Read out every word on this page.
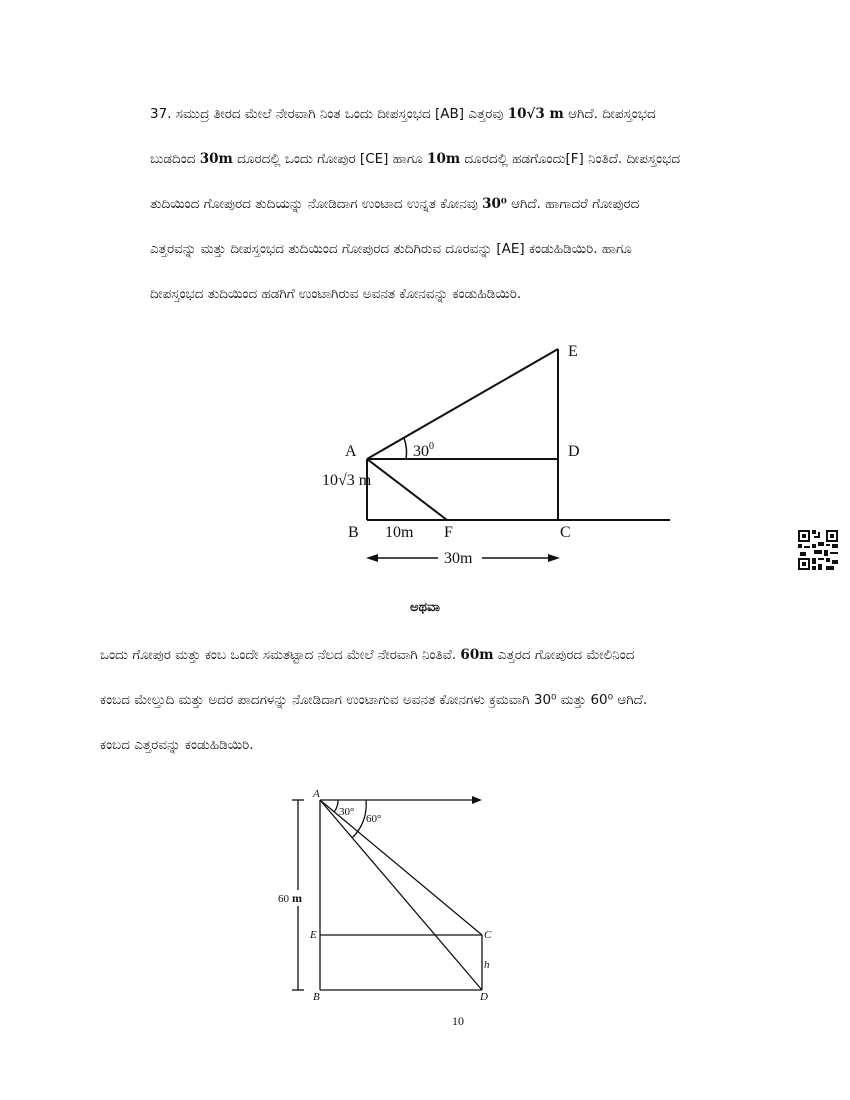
37. ಸಮುದ್ರ ತೀರದ ಮೇಲೆ ನೇರವಾಗಿ ನಿಂತ ಒಂದು ದೀಪಸ್ತಂಭದ [AB] ಎತ್ತರವು 10√3 m ಆಗಿದೆ. ದೀಪಸ್ತಂಭದ
ಬುಡದಿಂದ 30m ದೂರದಲ್ಲಿ ಒಂದು ಗೋಪುರ [CE] ಹಾಗೂ 10m ದೂರದಲ್ಲಿ ಹಡಗೊಂದು[F] ನಿಂತಿದೆ. ದೀಪಸ್ತಂಭದ
ತುದಿಯಿಂದ ಗೋಪುರದ ತುದಿಯನ್ನು ನೋಡಿದಾಗ ಉಂಟಾದ ಉನ್ನತ ಕೋನವು 30⁰ ಆಗಿದೆ. ಹಾಗಾದರೆ ಗೋಪುರದ
ಎತ್ತರವನ್ನು ಮತ್ತು ದೀಪಸ್ತಂಭದ ತುದಿಯಿಂದ ಗೋಪುರದ ತುದಿಗಿರುವ ದೂರವನ್ನು [AE] ಕಂಡುಹಿಡಿಯಿರಿ. ಹಾಗೂ
ದೀಪಸ್ತಂಭದ ತುದಿಯಿಂದ ಹಡಗಿಗೆ ಉಂಟಾಗಿರುವ ಅವನತ ಕೋನವನ್ನು ಕಂಡುಹಿಡಿಯಿರಿ.
A
B	C
D
E
F
$30^0$
10√3 m
10m
30m
ಅಥವಾ
ಒಂದು ಗೋಪುರ ಮತ್ತು ಕಂಬ ಒಂದೇ ಸಮತಟ್ಟಾದ ನೆಲದ ಮೇಲೆ ನೇರವಾಗಿ ನಿಂತಿವೆ. 60m ಎತ್ತರದ ಗೋಪುರದ ಮೇಲಿನಿಂದ
ಕಂಬದ ಮೇಲ್ತುದಿ ಮತ್ತು ಅದರ ಪಾದಗಳನ್ನು ನೋಡಿದಾಗ ಉಂಟಾಗುವ ಅವನತ ಕೋನಗಳು ಕ್ರಮವಾಗಿ 30⁰ ಮತ್ತು 60⁰ ಆಗಿದೆ.
ಕಂಬದ ಎತ್ತರವನ್ನು ಕಂಡುಹಿಡಿಯಿರಿ.
A
B
C
D
E
h
30°
60°
60 m
10
